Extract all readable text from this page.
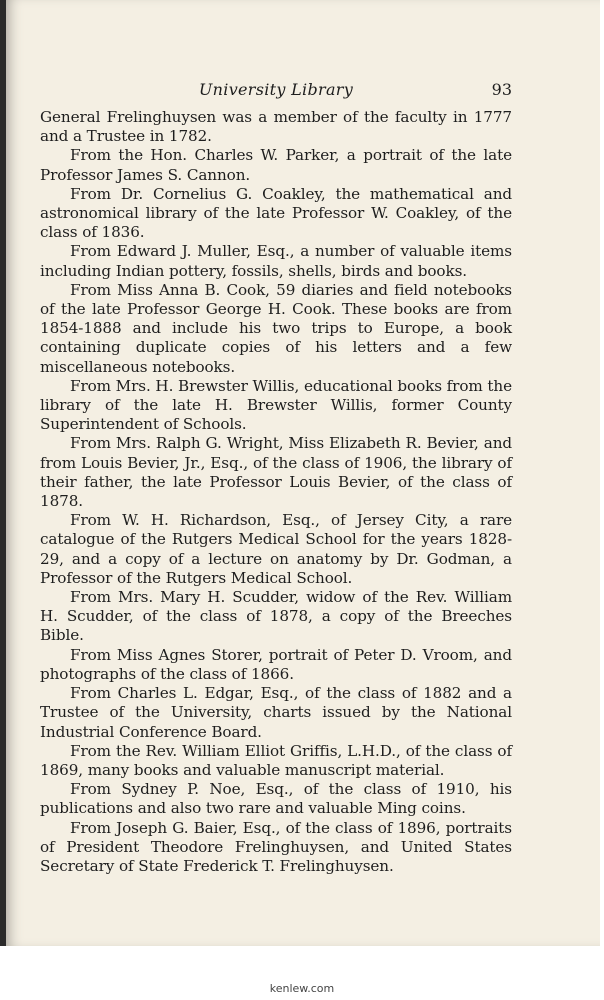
University Library	93

General Frelinghuysen was a member of the faculty in 1777 and a Trustee in 1782.

From the Hon. Charles W. Parker, a portrait of the late Professor James S. Cannon.

From Dr. Cornelius G. Coakley, the mathematical and astronomical library of the late Professor W. Coakley, of the class of 1836.

From Edward J. Muller, Esq., a number of valuable items including Indian pottery, fossils, shells, birds and books.

From Miss Anna B. Cook, 59 diaries and field notebooks of the late Professor George H. Cook. These books are from 1854-1888 and include his two trips to Europe, a book containing duplicate copies of his letters and a few miscellaneous notebooks.

From Mrs. H. Brewster Willis, educational books from the library of the late H. Brewster Willis, former County Superintendent of Schools.

From Mrs. Ralph G. Wright, Miss Elizabeth R. Bevier, and from Louis Bevier, Jr., Esq., of the class of 1906, the library of their father, the late Professor Louis Bevier, of the class of 1878.

From W. H. Richardson, Esq., of Jersey City, a rare catalogue of the Rutgers Medical School for the years 1828-29, and a copy of a lecture on anatomy by Dr. Godman, a Professor of the Rutgers Medical School.

From Mrs. Mary H. Scudder, widow of the Rev. William H. Scudder, of the class of 1878, a copy of the Breeches Bible.

From Miss Agnes Storer, portrait of Peter D. Vroom, and photographs of the class of 1866.

From Charles L. Edgar, Esq., of the class of 1882 and a Trustee of the University, charts issued by the National Industrial Conference Board.

From the Rev. William Elliot Griffis, L.H.D., of the class of 1869, many books and valuable manuscript material.

From Sydney P. Noe, Esq., of the class of 1910, his publications and also two rare and valuable Ming coins.

From Joseph G. Baier, Esq., of the class of 1896, portraits of President Theodore Frelinghuysen, and United States Secretary of State Frederick T. Frelinghuysen.

kenlew.com
